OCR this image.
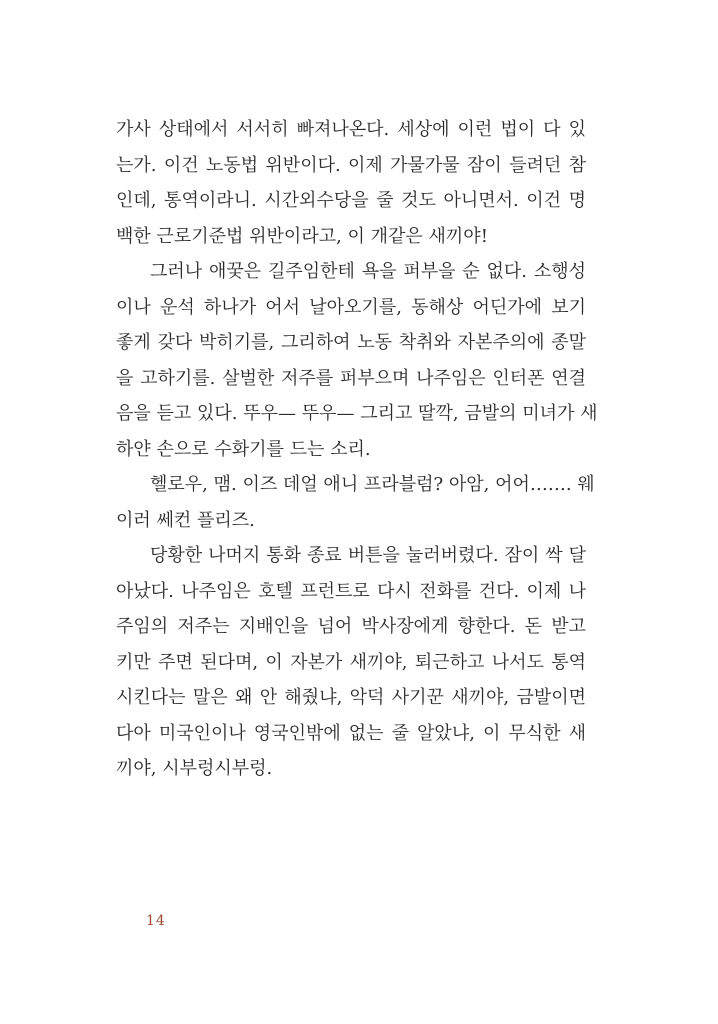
가사 상태에서 서서히 빠져나온다. 세상에 이런 법이 다 있
는가. 이건 노동법 위반이다. 이제 가물가물 잠이 들려던 참
인데, 통역이라니. 시간외수당을 줄 것도 아니면서. 이건 명
백한 근로기준법 위반이라고, 이 개같은 새끼야!
그러나 애꿎은 길주임한테 욕을 퍼부을 순 없다. 소행성
이나 운석 하나가 어서 날아오기를, 동해상 어딘가에 보기
좋게 갖다 박히기를, 그리하여 노동 착취와 자본주의에 종말
을 고하기를. 살벌한 저주를 퍼부으며 나주임은 인터폰 연결
음을 듣고 있다. 뚜우— 뚜우— 그리고 딸깍, 금발의 미녀가 새
하얀 손으로 수화기를 드는 소리.
헬로우, 맴. 이즈 데얼 애니 프라블럼? 아암, 어어……. 웨
이러 쎄컨 플리즈.
당황한 나머지 통화 종료 버튼을 눌러버렸다. 잠이 싹 달
아났다. 나주임은 호텔 프런트로 다시 전화를 건다. 이제 나
주임의 저주는 지배인을 넘어 박사장에게 향한다. 돈 받고
키만 주면 된다며, 이 자본가 새끼야, 퇴근하고 나서도 통역
시킨다는 말은 왜 안 해줬냐, 악덕 사기꾼 새끼야, 금발이면
다아 미국인이나 영국인밖에 없는 줄 알았냐, 이 무식한 새
끼야, 시부렁시부렁.
14
